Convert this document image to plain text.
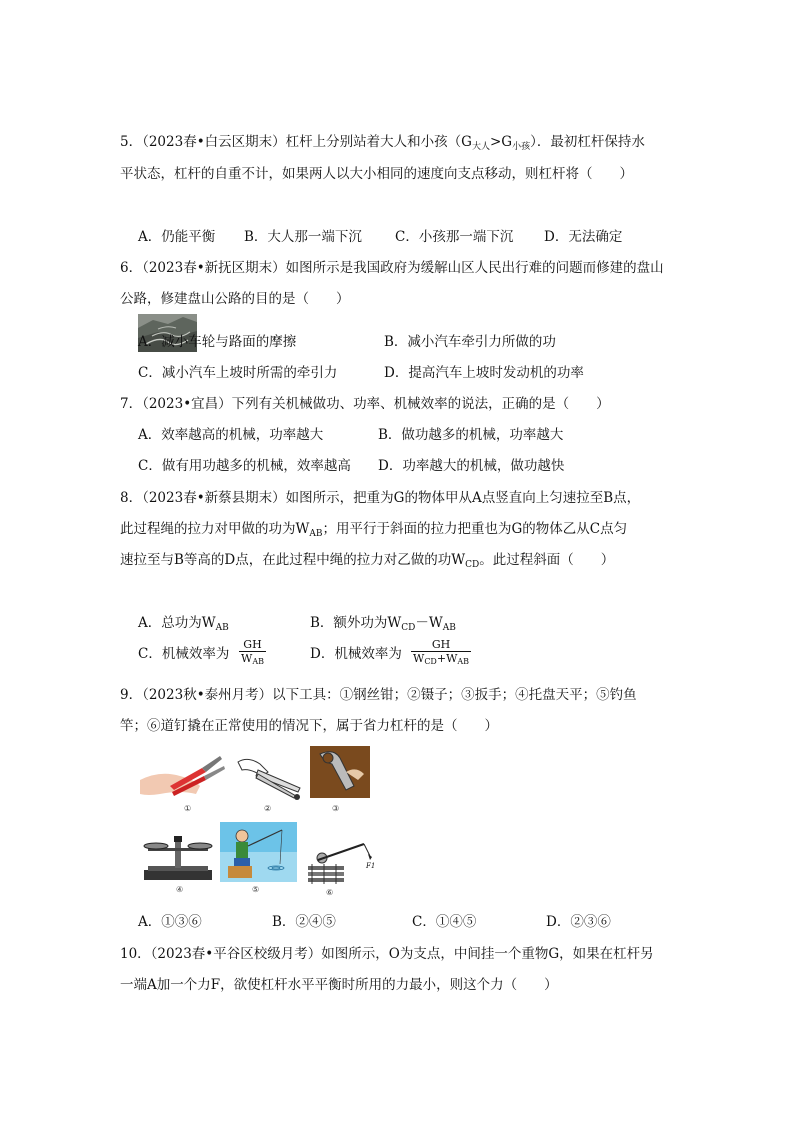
5．（2023春•白云区期末）杠杆上分别站着大人和小孩$(G_{大人}>G_{小孩})$．最初杠杆保持水
平状态，杠杆的自重不计，如果两人以大小相同的速度向支点移动，则杠杆将（　　）
A．仍能平衡 B．大人那一端下沉 C．小孩那一端下沉 D．无法确定
6．（2023春•新抚区期末）如图所示是我国政府为缓解山区人民出行难的问题而修建的盘山
公路，修建盘山公路的目的是（　　）
A．减小车轮与路面的摩擦	B．减小汽车牵引力所做的功
C．减小汽车上坡时所需的牵引力	D．提高汽车上坡时发动机的功率
7．（2023•宜昌）下列有关机械做功、功率、机械效率的说法，正确的是（　　）
A．效率越高的机械，功率越大	B．做功越多的机械，功率越大
C．做有用功越多的机械，效率越高 D．功率越大的机械，做功越快
8．（2023春•新蔡县期末）如图所示，把重为G的物体甲从A点竖直向上匀速拉至B点，
此过程绳的拉力对甲做的功为$W_{AB}$；用平行于斜面的拉力把重也为G的物体乙从C点匀
速拉至与B等高的D点，在此过程中绳的拉力对乙做的功$W_{CD}$。此过程斜面（　　）
A．总功为$W_{AB}$	B．额外功为$W_{CD}-W_{AB}$
C．机械效率为
GH
$W_{AB}$	D．机械效率为
GH
$W_{CD}+W_{AB}$
9．（2023秋•泰州月考）以下工具：①钢丝钳；②镊子；③扳手；④托盘天平；⑤钓鱼
竿；⑥道钉撬在正常使用的情况下，属于省力杠杆的是（　　）
①	②	③
④	⑤
F1
⑥
A．①③⑥	B．②④⑤	C．①④⑤	D．②③⑥
10．（2023春•平谷区校级月考）如图所示，O为支点，中间挂一个重物G，如果在杠杆另
一端A加一个力F，欲使杠杆水平平衡时所用的力最小，则这个力（　　）
